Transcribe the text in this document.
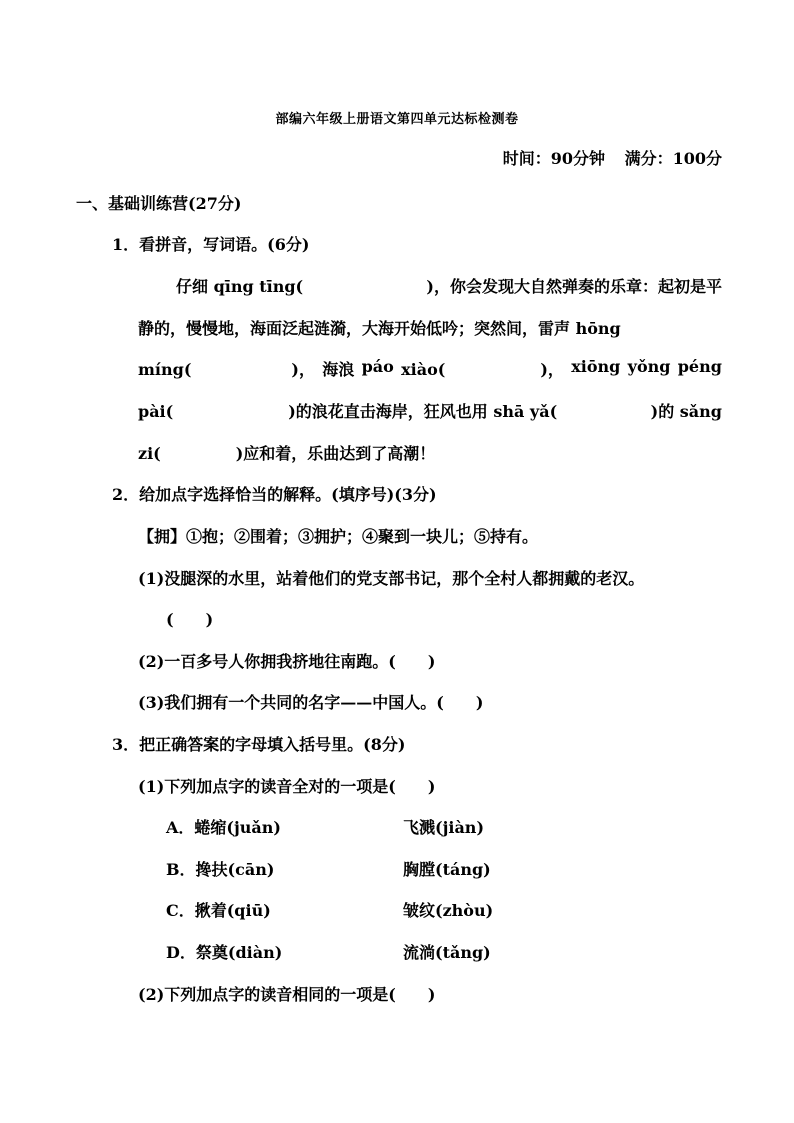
部编六年级上册语文第四单元达标检测卷
时间：90分钟 满分：100分
一、基础训练营(27分)
1．看拼音，写词语。(6分)
仔细 qīng tīng(	)，你会发现大自然弹奏的乐章：起初是平
静的，慢慢地，海面泛起涟漪，大海开始低吟；突然间，雷声 hōng
míng(	)， 海浪 páo xiào(	)， xiōng yǒng péng
pài(	)的浪花直击海岸，狂风也用 shā yǎ(	)的 sǎng
zi(	)应和着，乐曲达到了高潮！
2．给加点字选择恰当的解释。(填序号)(3分)
【拥】①抱；②围着；③拥护；④聚到一块儿；⑤持有。
(1)没腿深的水里，站着他们的党支部书记，那个全村人都拥戴的老汉。
(　　)
(2)一百多号人你拥我挤地往南跑。(　　)
(3)我们拥有一个共同的名字——中国人。(　　)
3．把正确答案的字母填入括号里。(8分)
(1)下列加点字的读音全对的一项是(　　)
A．蜷缩(juǎn)	飞溅(jiàn)
B．搀扶(cān)	胸膛(táng)
C．揪着(qiū)	皱纹(zhòu)
D．祭奠(diàn)	流淌(tǎng)
(2)下列加点字的读音相同的一项是(　　)
